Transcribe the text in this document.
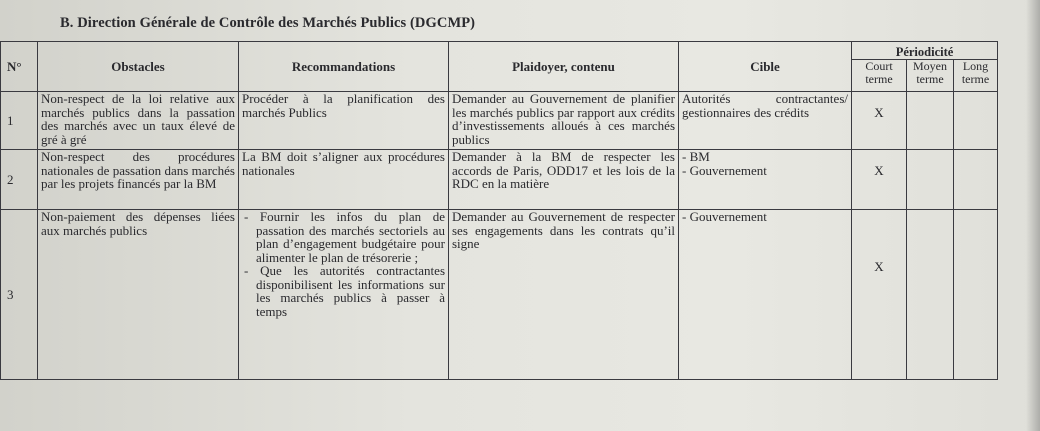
B. Direction Générale de Contrôle des Marchés Publics (DGCMP)
N°	Obstacles	Recommandations	Plaidoyer, contenu	Cible	Périodicité		
					Court terme	Moyen terme	Long terme
1	Non-respect de la loi relative aux marchés publics dans la passation des marchés avec un taux élevé de gré à gré	Procéder à la planification des marchés Publics	Demander au Gouvernement de planifier les marchés publics par rapport aux crédits d’investissements alloués à ces marchés publics	Autorités contractantes/ gestionnaires des crédits	X		
2	Non-respect des procédures nationales de passation dans marchés par les projets financés par la BM	La BM doit s’aligner aux procédures nationales	Demander à la BM de respecter les accords de Paris, ODD17 et les lois de la RDC en la matière	- BM
- Gouvernement	X		
3	Non-paiement des dépenses liées aux marchés publics	- Fournir les infos du plan de passation des marchés sectoriels au plan d’engagement budgétaire pour alimenter le plan de trésorerie ;
- Que les autorités contractantes disponibilisent les informations sur les marchés publics à passer à temps	Demander au Gouvernement de respecter ses engagements dans les contrats qu’il signe	- Gouvernement	X		
